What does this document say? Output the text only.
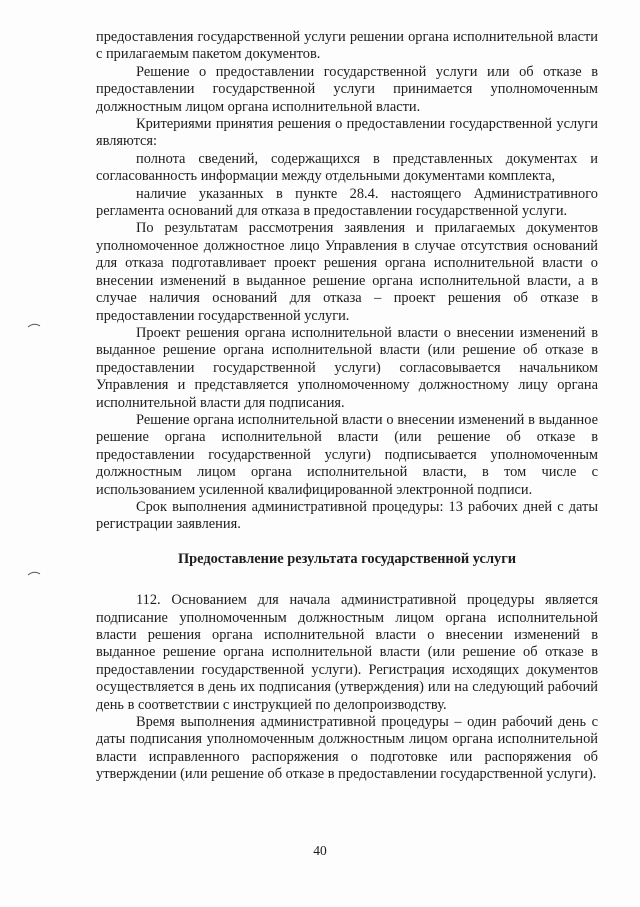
предоставления государственной услуги решении органа исполнительной власти с прилагаемым пакетом документов.

Решение о предоставлении государственной услуги или об отказе в предоставлении государственной услуги принимается уполномоченным должностным лицом органа исполнительной власти.

Критериями принятия решения о предоставлении государственной услуги являются:

полнота сведений, содержащихся в представленных документах и согласованность информации между отдельными документами комплекта,

наличие указанных в пункте 28.4. настоящего Административного регламента оснований для отказа в предоставлении государственной услуги.

По результатам рассмотрения заявления и прилагаемых документов уполномоченное должностное лицо Управления в случае отсутствия оснований для отказа подготавливает проект решения органа исполнительной власти о внесении изменений в выданное решение органа исполнительной власти, а в случае наличия оснований для отказа – проект решения об отказе в предоставлении государственной услуги.

Проект решения органа исполнительной власти о внесении изменений в выданное решение органа исполнительной власти (или решение об отказе в предоставлении государственной услуги) согласовывается начальником Управления и представляется уполномоченному должностному лицу органа исполнительной власти для подписания.

Решение органа исполнительной власти о внесении изменений в выданное решение органа исполнительной власти (или решение об отказе в предоставлении государственной услуги) подписывается уполномоченным должностным лицом органа исполнительной власти, в том числе с использованием усиленной квалифицированной электронной подписи.

Срок выполнения административной процедуры: 13 рабочих дней с даты регистрации заявления.

Предоставление результата государственной услуги

112. Основанием для начала административной процедуры является подписание уполномоченным должностным лицом органа исполнительной власти решения органа исполнительной власти о внесении изменений в выданное решение органа исполнительной власти (или решение об отказе в предоставлении государственной услуги). Регистрация исходящих документов осуществляется в день их подписания (утверждения) или на следующий рабочий день в соответствии с инструкцией по делопроизводству.

Время выполнения административной процедуры – один рабочий день с даты подписания уполномоченным должностным лицом органа исполнительной власти исправленного распоряжения о подготовке или распоряжения об утверждении (или решение об отказе в предоставлении государственной услуги).

40
